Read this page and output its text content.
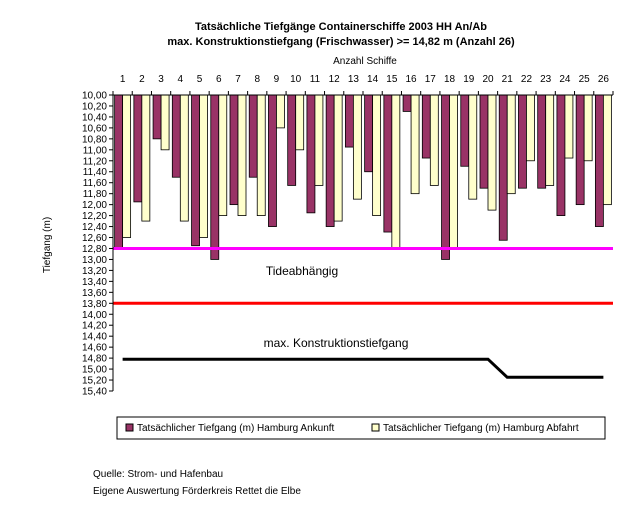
Tatsächliche Tiefgänge Containerschiffe 2003 HH An/Ab
max. Konstruktionstiefgang (Frischwasser) >= 14,82 m (Anzahl 26)
Anzahl Schiffe
Tiefgang (m)	Tideabhängig
max. Konstruktionstiefgang
10,00
10,20
10,40
10,60
10,80
11,00
11,20
11,40
11,60
11,80
12,00
12,20
12,40
12,60
12,80
13,00
13,20
13,40
13,60
13,80
14,00
14,20
14,40
14,60
14,80
15,00
15,20
15,40
1 2 3 4 5 6 7 8 9 10 11 12 13 14 15 16 17 18 19 20 21 22 23 24 25 26
Tatsächlicher Tiefgang (m) Hamburg Ankunft	Tatsächlicher Tiefgang (m) Hamburg Abfahrt
Quelle: Strom- und Hafenbau
Eigene Auswertung Förderkreis Rettet die Elbe
